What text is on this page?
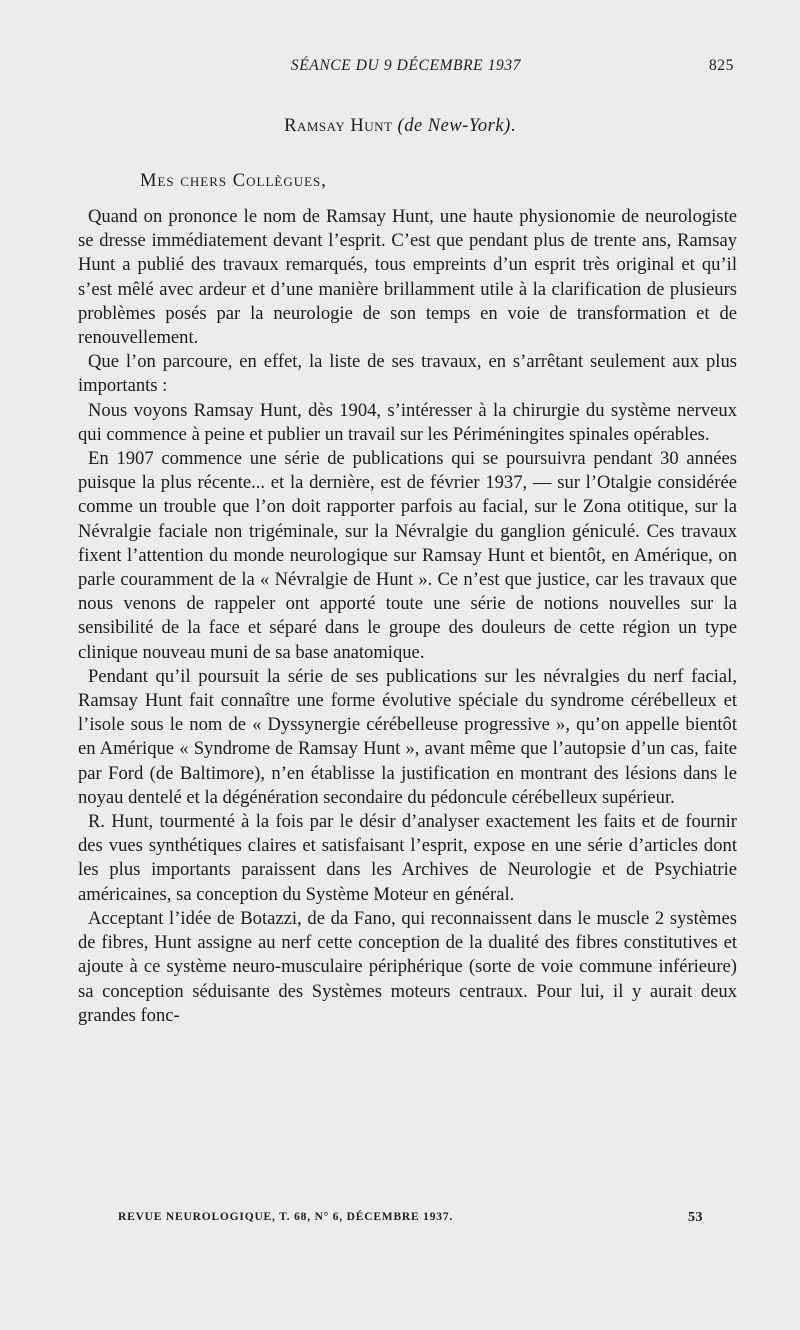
SÉANCE DU 9 DÉCEMBRE 1937	825
Ramsay Hunt (de New-York).
Mes chers Collègues,

Quand on prononce le nom de Ramsay Hunt, une haute physionomie de neurologiste se dresse immédiatement devant l’esprit. C’est que pendant plus de trente ans, Ramsay Hunt a publié des travaux remarqués, tous empreints d’un esprit très original et qu’il s’est mêlé avec ardeur et d’une manière brillamment utile à la clarification de plusieurs problèmes posés par la neurologie de son temps en voie de transformation et de renouvellement.

Que l’on parcoure, en effet, la liste de ses travaux, en s’arrêtant seulement aux plus importants :

Nous voyons Ramsay Hunt, dès 1904, s’intéresser à la chirurgie du système nerveux qui commence à peine et publier un travail sur les Périméningites spinales opérables.

En 1907 commence une série de publications qui se poursuivra pendant 30 années puisque la plus récente... et la dernière, est de février 1937, — sur l’Otalgie considérée comme un trouble que l’on doit rapporter parfois au facial, sur le Zona otitique, sur la Névralgie faciale non trigéminale, sur la Névralgie du ganglion géniculé. Ces travaux fixent l’attention du monde neurologique sur Ramsay Hunt et bientôt, en Amérique, on parle couramment de la « Névralgie de Hunt ». Ce n’est que justice, car les travaux que nous venons de rappeler ont apporté toute une série de notions nouvelles sur la sensibilité de la face et séparé dans le groupe des douleurs de cette région un type clinique nouveau muni de sa base anatomique.

Pendant qu’il poursuit la série de ses publications sur les névralgies du nerf facial, Ramsay Hunt fait connaître une forme évolutive spéciale du syndrome cérébelleux et l’isole sous le nom de « Dyssynergie cérébelleuse progressive », qu’on appelle bientôt en Amérique « Syndrome de Ramsay Hunt », avant même que l’autopsie d’un cas, faite par Ford (de Baltimore), n’en établisse la justification en montrant des lésions dans le noyau dentelé et la dégénération secondaire du pédoncule cérébelleux supérieur.

R. Hunt, tourmenté à la fois par le désir d’analyser exactement les faits et de fournir des vues synthétiques claires et satisfaisant l’esprit, expose en une série d’articles dont les plus importants paraissent dans les Archives de Neurologie et de Psychiatrie américaines, sa conception du Système Moteur en général.

Acceptant l’idée de Botazzi, de da Fano, qui reconnaissent dans le muscle 2 systèmes de fibres, Hunt assigne au nerf cette conception de la dualité des fibres constitutives et ajoute à ce système neuro-musculaire périphérique (sorte de voie commune inférieure) sa conception séduisante des Systèmes moteurs centraux. Pour lui, il y aurait deux grandes fonc-

REVUE NEUROLOGIQUE, T. 68, N° 6, DÉCEMBRE 1937.	53
